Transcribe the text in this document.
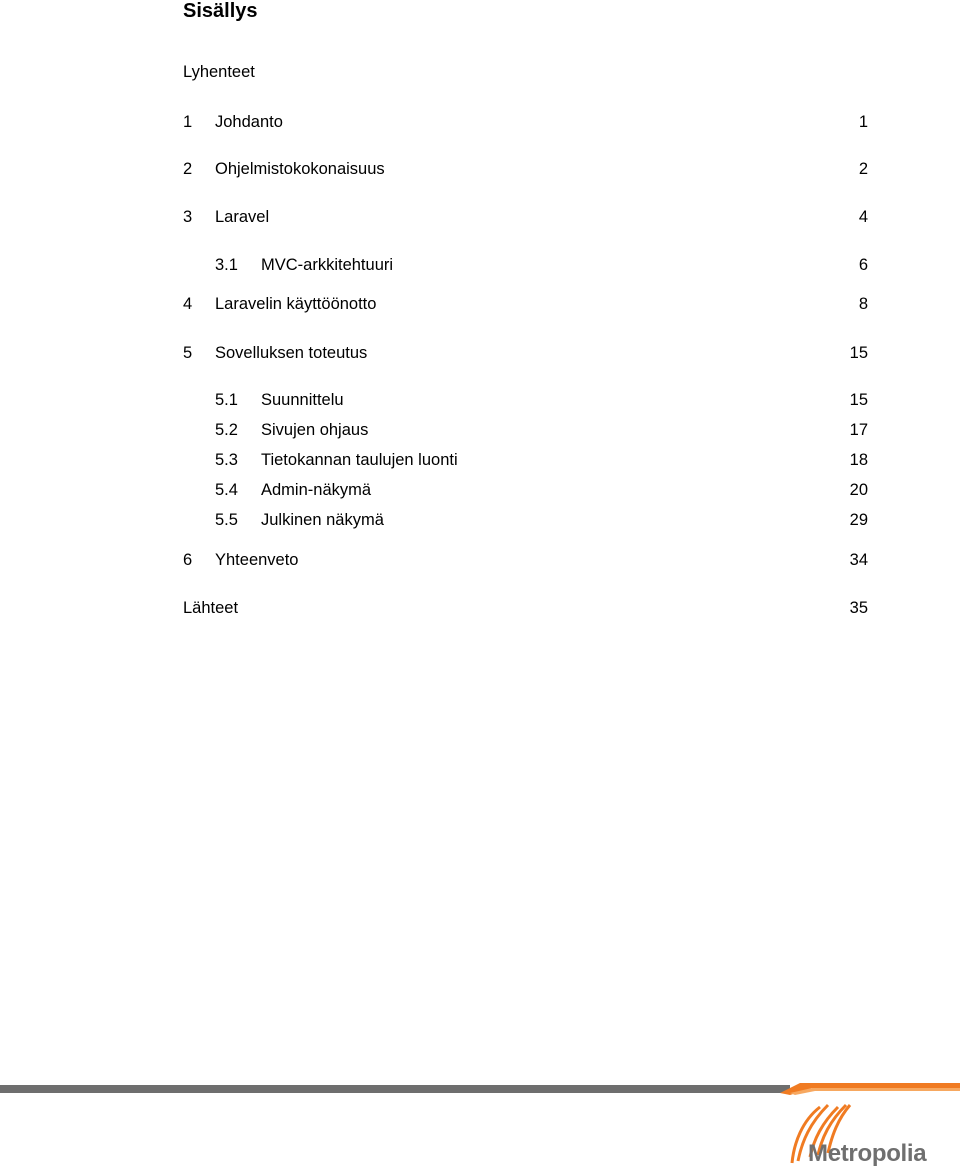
Sisällys
Lyhenteet
1 Johdanto	1
2 Ohjelmistokokonaisuus	2
3 Laravel	4
3.1 MVC-arkkitehtuuri	6
4 Laravelin käyttöönotto	8
5 Sovelluksen toteutus	15
5.1 Suunnittelu	15
5.2 Sivujen ohjaus	17
5.3 Tietokannan taulujen luonti	18
5.4 Admin-näkymä	20
5.5 Julkinen näkymä	29
6 Yhteenveto	34
Lähteet	35
Metropolia
